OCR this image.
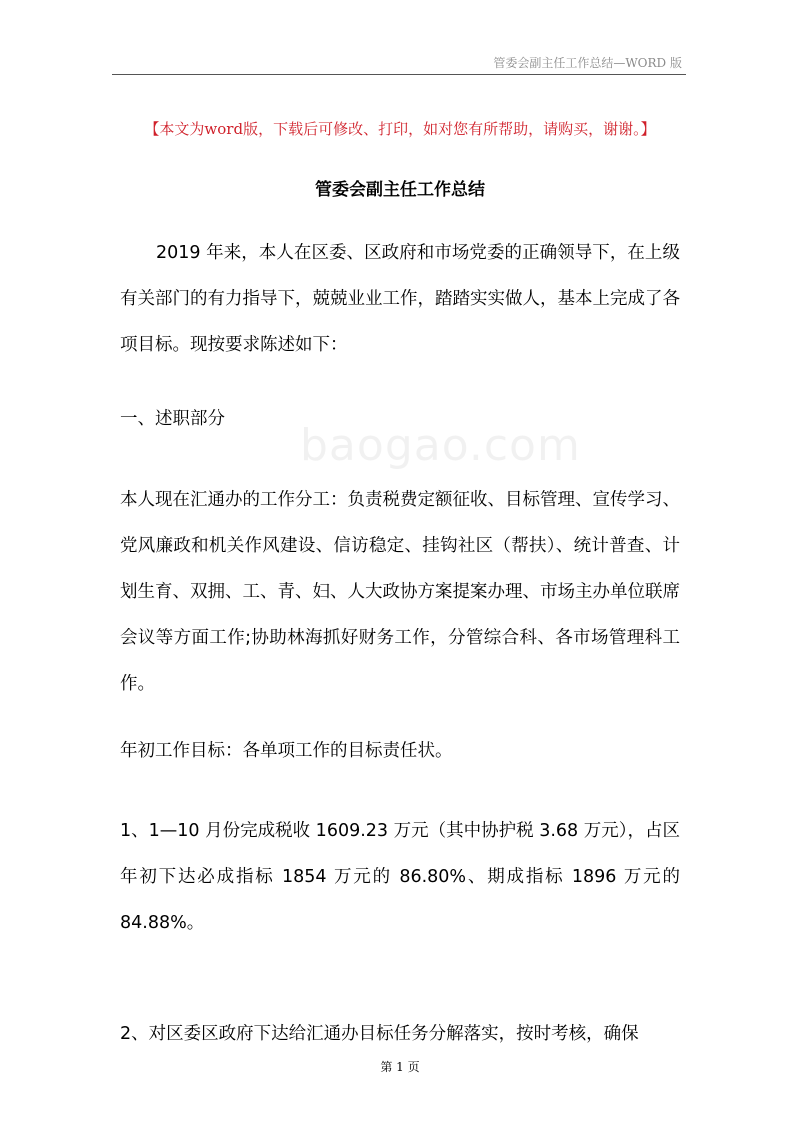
管委会副主任工作总结—WORD 版
【本文为word版，下载后可修改、打印，如对您有所帮助，请购买，谢谢。】
管委会副主任工作总结
baogao.com
2019 年来，本人在区委、区政府和市场党委的正确领导下，在上级有关部门的有力指导下，兢兢业业工作，踏踏实实做人，基本上完成了各项目标。现按要求陈述如下：
一、述职部分
本人现在汇通办的工作分工：负责税费定额征收、目标管理、宣传学习、党风廉政和机关作风建设、信访稳定、挂钩社区（帮扶）、统计普查、计划生育、双拥、工、青、妇、人大政协方案提案办理、市场主办单位联席会议等方面工作;协助林海抓好财务工作，分管综合科、各市场管理科工作。
年初工作目标：各单项工作的目标责任状。
1、1—10 月份完成税收 1609.23 万元（其中协护税 3.68 万元），占区年初下达必成指标 1854 万元的 86.80%、期成指标 1896 万元的 84.88%。
2、对区委区政府下达给汇通办目标任务分解落实，按时考核，确保
第 1 页
